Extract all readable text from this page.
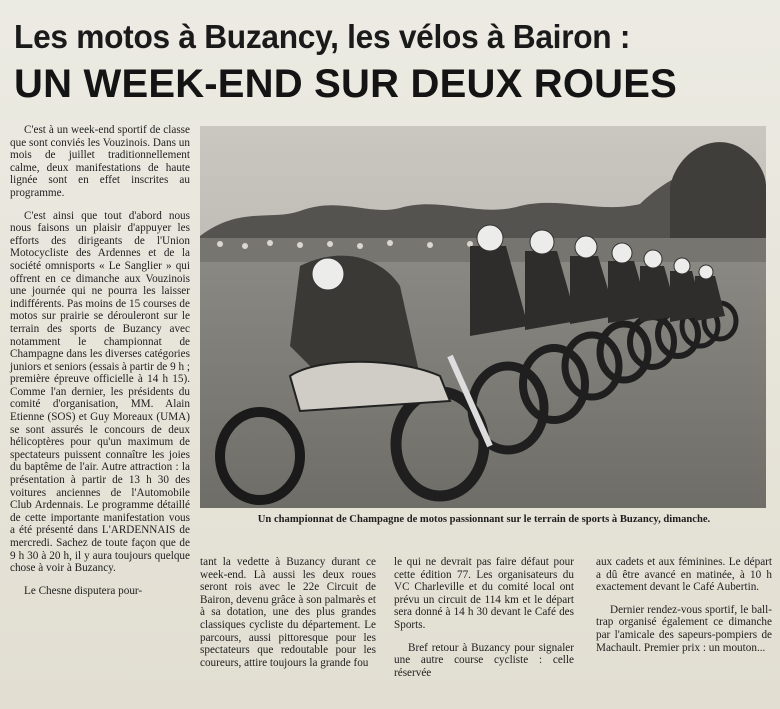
Les motos à Buzancy, les vélos à Bairon :
UN WEEK-END SUR DEUX ROUES

C'est à un week-end sportif de classe que sont conviés les Vouzinois. Dans un mois de juillet traditionnellement calme, deux manifestations de haute lignée sont en effet inscrites au programme.

C'est ainsi que tout d'abord nous nous faisons un plaisir d'appuyer les efforts des dirigeants de l'Union Motocycliste des Ardennes et de la société omnisports « Le Sanglier » qui offrent en ce dimanche aux Vouzinois une journée qui ne pourra les laisser indifférents. Pas moins de 15 courses de motos sur prairie se dérouleront sur le terrain des sports de Buzancy avec notamment le championnat de Champagne dans les diverses catégories juniors et seniors (essais à partir de 9 h ; première épreuve officielle à 14 h 15). Comme l'an dernier, les présidents du comité d'organisation, MM. Alain Etienne (SOS) et Guy Moreaux (UMA) se sont assurés le concours de deux hélicoptères pour qu'un maximum de spectateurs puissent connaître les joies du baptême de l'air. Autre attraction : la présentation à partir de 13 h 30 des voitures anciennes de l'Automobile Club Ardennais. Le programme détaillé de cette importante manifestation vous a été présenté dans L'ARDENNAIS de mercredi. Sachez de toute façon que de 9 h 30 à 20 h, il y aura toujours quelque chose à voir à Buzancy.

Le Chesne disputera pour-

Un championnat de Champagne de motos passionnant sur le terrain de sports à Buzancy, dimanche.

tant la vedette à Buzancy durant ce week-end. Là aussi les deux roues seront rois avec le 22e Circuit de Bairon, devenu grâce à son palmarès et à sa dotation, une des plus grandes classiques cycliste du département. Le parcours, aussi pittoresque pour les spectateurs que redoutable pour les coureurs, attire toujours la grande fou

le qui ne devrait pas faire défaut pour cette édition 77. Les organisateurs du VC Charleville et du comité local ont prévu un circuit de 114 km et le départ sera donné à 14 h 30 devant le Café des Sports.

Bref retour à Buzancy pour signaler une autre course cycliste : celle réservée

aux cadets et aux féminines. Le départ a dû être avancé en matinée, à 10 h exactement devant le Café Aubertin.

Dernier rendez-vous sportif, le ball-trap organisé également ce dimanche par l'amicale des sapeurs-pompiers de Machault. Premier prix : un mouton...
